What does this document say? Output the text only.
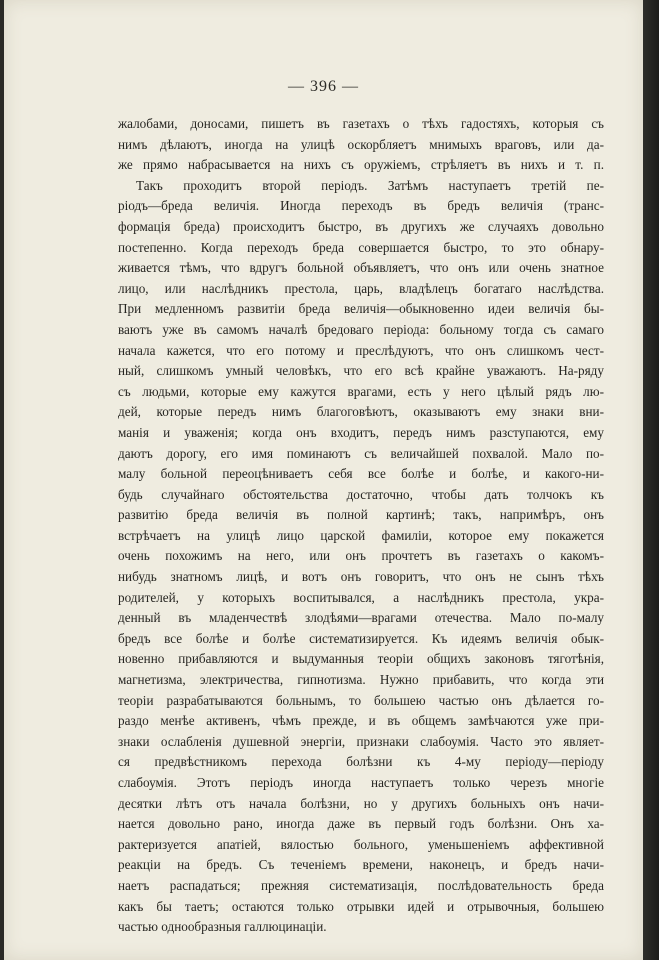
— 396 —
жалобами, доносами, пишетъ въ газетахъ о тѣхъ гадостяхъ, которыя съ
нимъ дѣлаютъ, иногда на улицѣ оскорбляетъ мнимыхъ враговъ, или да-
же прямо набрасывается на нихъ съ оружіемъ, стрѣляетъ въ нихъ и т. п.
Такъ проходитъ второй періодъ. Затѣмъ наступаетъ третій пе-
ріодъ—бреда величія. Иногда переходъ въ бредъ величія (транс-
формація бреда) происходитъ быстро, въ другихъ же случаяхъ довольно
постепенно. Когда переходъ бреда совершается быстро, то это обнару-
живается тѣмъ, что вдругъ больной объявляетъ, что онъ или очень знатное
лицо, или наслѣдникъ престола, царь, владѣлецъ богатаго наслѣдства.
При медленномъ развитіи бреда величія—обыкновенно идеи величія бы-
ваютъ уже въ самомъ началѣ бредоваго періода: больному тогда съ самаго
начала кажется, что его потому и преслѣдуютъ, что онъ слишкомъ чест-
ный, слишкомъ умный человѣкъ, что его всѣ крайне уважаютъ. На-ряду
съ людьми, которые ему кажутся врагами, есть у него цѣлый рядъ лю-
дей, которые передъ нимъ благоговѣютъ, оказываютъ ему знаки вни-
манія и уваженія; когда онъ входитъ, передъ нимъ разступаются, ему
даютъ дорогу, его имя поминаютъ съ величайшей похвалой. Мало по-
малу больной переоцѣниваетъ себя все болѣе и болѣе, и какого-ни-
будь случайнаго обстоятельства достаточно, чтобы дать толчокъ къ
развитію бреда величія въ полной картинѣ; такъ, напримѣръ, онъ
встрѣчаетъ на улицѣ лицо царской фамиліи, которое ему покажется
очень похожимъ на него, или онъ прочтетъ въ газетахъ о какомъ-
нибудь знатномъ лицѣ, и вотъ онъ говоритъ, что онъ не сынъ тѣхъ
родителей, у которыхъ воспитывался, а наслѣдникъ престола, укра-
денный въ младенчествѣ злодѣями—врагами отечества. Мало по-малу
бредъ все болѣе и болѣе систематизируется. Къ идеямъ величія обык-
новенно прибавляются и выдуманныя теоріи общихъ законовъ тяготѣнія,
магнетизма, электричества, гипнотизма. Нужно прибавить, что когда эти
теоріи разрабатываются больнымъ, то большею частью онъ дѣлается го-
раздо менѣе активенъ, чѣмъ прежде, и въ общемъ замѣчаются уже при-
знаки ослабленія душевной энергіи, признаки слабоумія. Часто это являет-
ся предвѣстникомъ перехода болѣзни къ 4-му періоду—періоду
слабоумія. Этотъ періодъ иногда наступаетъ только черезъ многіе
десятки лѣтъ отъ начала болѣзни, но у другихъ больныхъ онъ начи-
нается довольно рано, иногда даже въ первый годъ болѣзни. Онъ ха-
рактеризуется апатіей, вялостью больного, уменьшеніемъ аффективной
реакціи на бредъ. Съ теченіемъ времени, наконецъ, и бредъ начи-
наетъ распадаться; прежняя систематизація, послѣдовательность бреда
какъ бы таетъ; остаются только отрывки идей и отрывочныя, большею
частью однообразныя галлюцинаціи.
